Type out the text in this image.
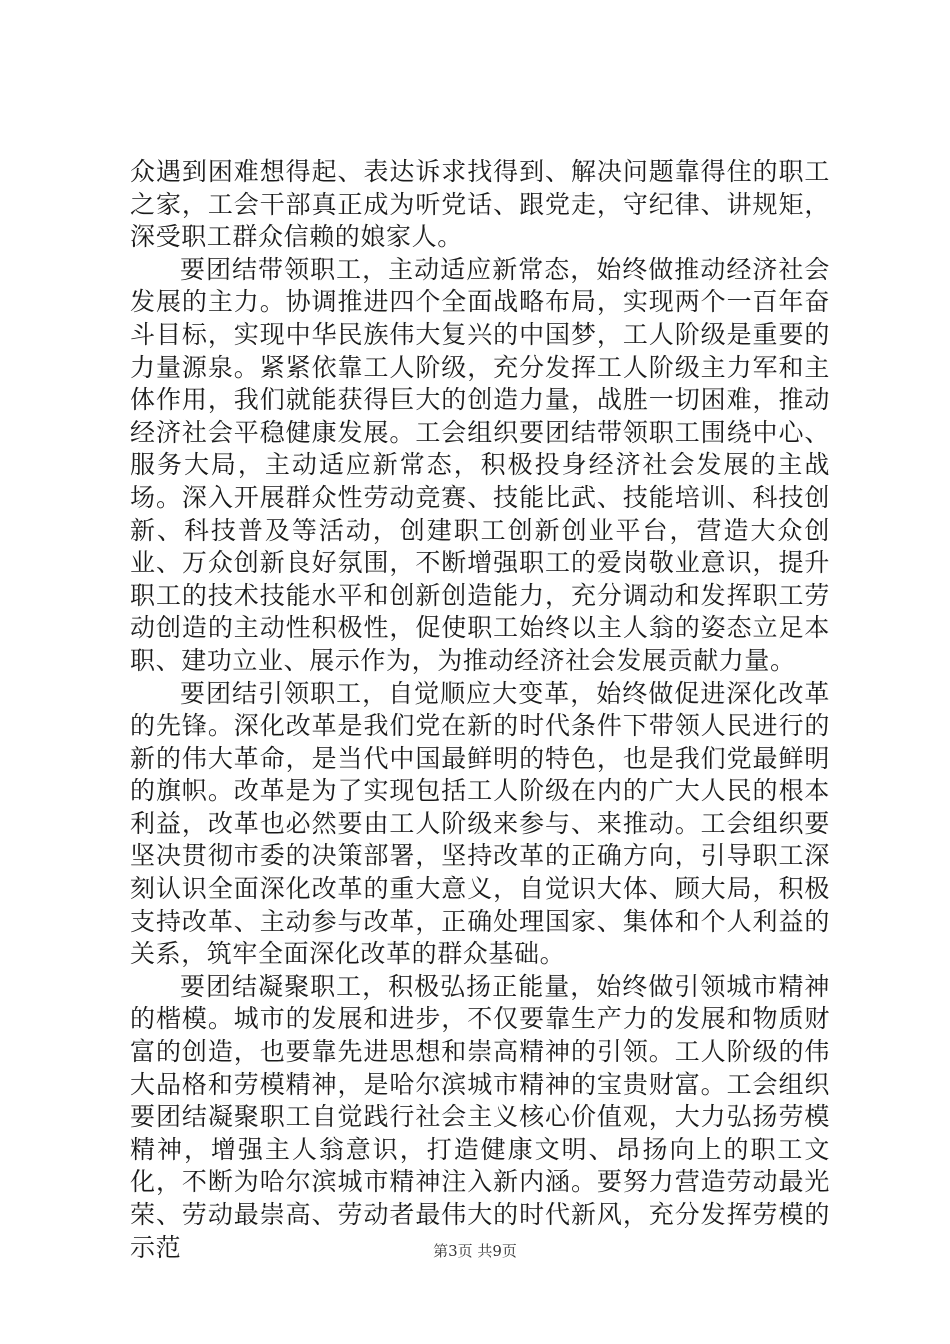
众遇到困难想得起、表达诉求找得到、解决问题靠得住的职工之家，工会干部真正成为听党话、跟党走，守纪律、讲规矩，深受职工群众信赖的娘家人。

要团结带领职工，主动适应新常态，始终做推动经济社会发展的主力。协调推进四个全面战略布局，实现两个一百年奋斗目标，实现中华民族伟大复兴的中国梦，工人阶级是重要的力量源泉。紧紧依靠工人阶级，充分发挥工人阶级主力军和主体作用，我们就能获得巨大的创造力量，战胜一切困难，推动经济社会平稳健康发展。工会组织要团结带领职工围绕中心、服务大局，主动适应新常态，积极投身经济社会发展的主战场。深入开展群众性劳动竞赛、技能比武、技能培训、科技创新、科技普及等活动，创建职工创新创业平台，营造大众创业、万众创新良好氛围，不断增强职工的爱岗敬业意识，提升职工的技术技能水平和创新创造能力，充分调动和发挥职工劳动创造的主动性积极性，促使职工始终以主人翁的姿态立足本职、建功立业、展示作为，为推动经济社会发展贡献力量。

要团结引领职工，自觉顺应大变革，始终做促进深化改革的先锋。深化改革是我们党在新的时代条件下带领人民进行的新的伟大革命，是当代中国最鲜明的特色，也是我们党最鲜明的旗帜。改革是为了实现包括工人阶级在内的广大人民的根本利益，改革也必然要由工人阶级来参与、来推动。工会组织要坚决贯彻市委的决策部署，坚持改革的正确方向，引导职工深刻认识全面深化改革的重大意义，自觉识大体、顾大局，积极支持改革、主动参与改革，正确处理国家、集体和个人利益的关系，筑牢全面深化改革的群众基础。

要团结凝聚职工，积极弘扬正能量，始终做引领城市精神的楷模。城市的发展和进步，不仅要靠生产力的发展和物质财富的创造，也要靠先进思想和崇高精神的引领。工人阶级的伟大品格和劳模精神，是哈尔滨城市精神的宝贵财富。工会组织要团结凝聚职工自觉践行社会主义核心价值观，大力弘扬劳模精神，增强主人翁意识，打造健康文明、昂扬向上的职工文化，不断为哈尔滨城市精神注入新内涵。要努力营造劳动最光荣、劳动最崇高、劳动者最伟大的时代新风，充分发挥劳模的示范	第3页 共9页
